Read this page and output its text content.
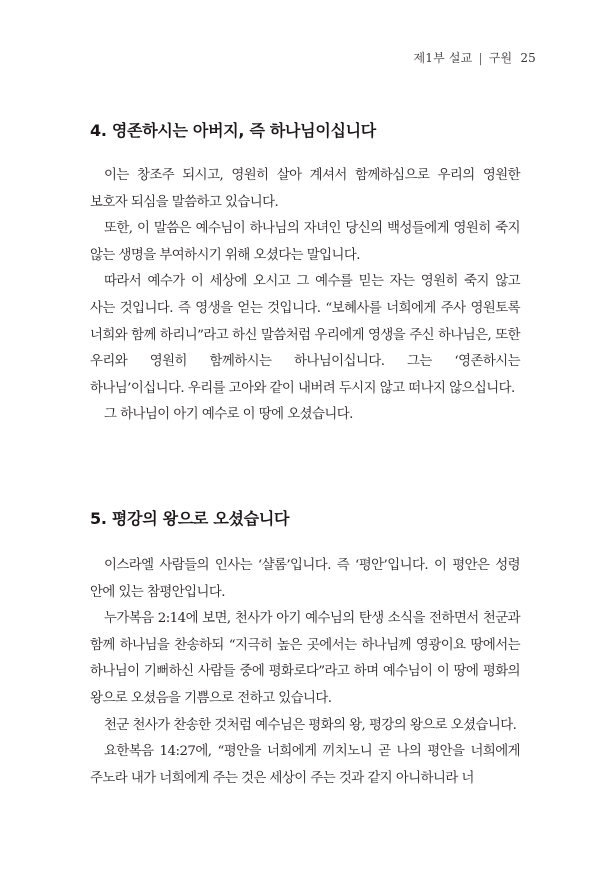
제1부 설교 | 구원 25
4. 영존하시는 아버지, 즉 하나님이십니다

이는 창조주 되시고, 영원히 살아 계셔서 함께하심으로 우리의 영원한 보호자 되심을 말씀하고 있습니다.

또한, 이 말씀은 예수님이 하나님의 자녀인 당신의 백성들에게 영원히 죽지 않는 생명을 부여하시기 위해 오셨다는 말입니다.

따라서 예수가 이 세상에 오시고 그 예수를 믿는 자는 영원히 죽지 않고 사는 것입니다. 즉 영생을 얻는 것입니다. “보혜사를 너희에게 주사 영원토록 너희와 함께 하리니”라고 하신 말씀처럼 우리에게 영생을 주신 하나님은, 또한 우리와 영원히 함께하시는 하나님이십니다. 그는 ‘영존하시는 하나님’이십니다. 우리를 고아와 같이 내버려 두시지 않고 떠나지 않으십니다.

그 하나님이 아기 예수로 이 땅에 오셨습니다.

5. 평강의 왕으로 오셨습니다

이스라엘 사람들의 인사는 ‘샬롬’입니다. 즉 ‘평안’입니다. 이 평안은 성령 안에 있는 참평안입니다.

누가복음 2:14에 보면, 천사가 아기 예수님의 탄생 소식을 전하면서 천군과 함께 하나님을 찬송하되 “지극히 높은 곳에서는 하나님께 영광이요 땅에서는 하나님이 기뻐하신 사람들 중에 평화로다”라고 하며 예수님이 이 땅에 평화의 왕으로 오셨음을 기쁨으로 전하고 있습니다.

천군 천사가 찬송한 것처럼 예수님은 평화의 왕, 평강의 왕으로 오셨습니다.

요한복음 14:27에, “평안을 너희에게 끼치노니 곧 나의 평안을 너희에게 주노라 내가 너희에게 주는 것은 세상이 주는 것과 같지 아니하니라 너
